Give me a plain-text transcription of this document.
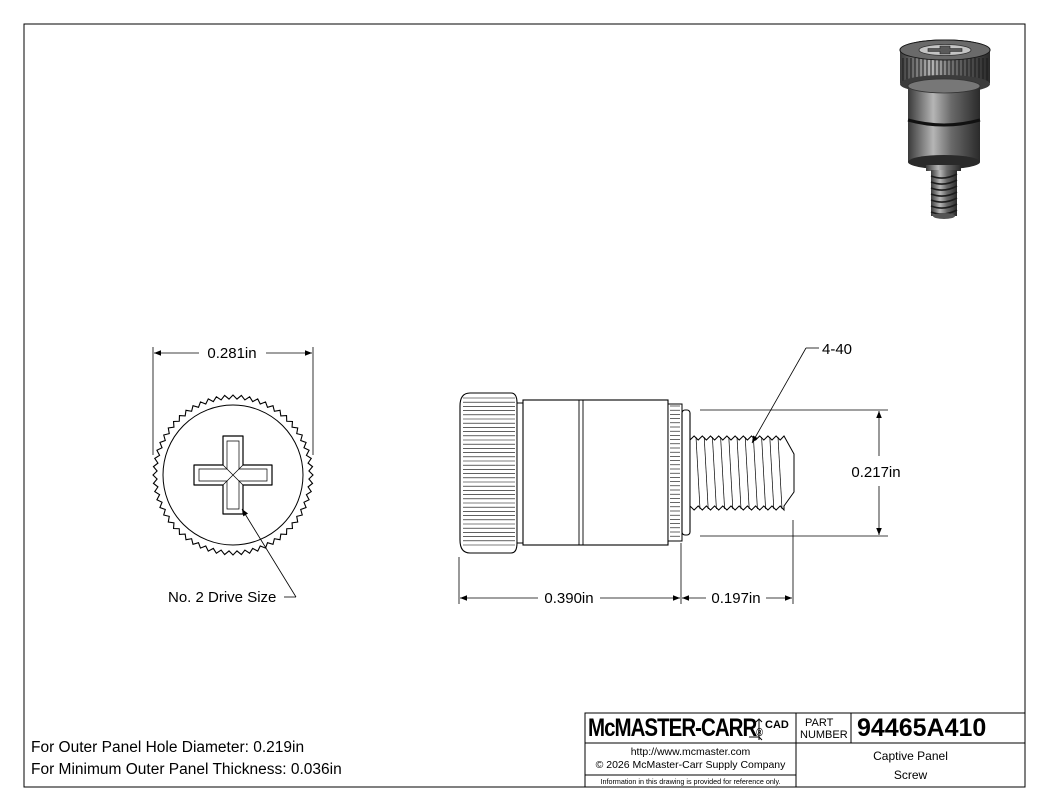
0.281in
No. 2 Drive Size
0.217in
4-40
0.390in	0.197in
For Outer Panel Hole Diameter: 0.219in
For Minimum Outer Panel Thickness: 0.036in
McMASTER-CARR®
CAD
http://www.mcmaster.com
© 2026 McMaster-Carr Supply Company
Information in this drawing is provided for reference only.
PART
NUMBER 94465A410
Captive Panel
Screw
